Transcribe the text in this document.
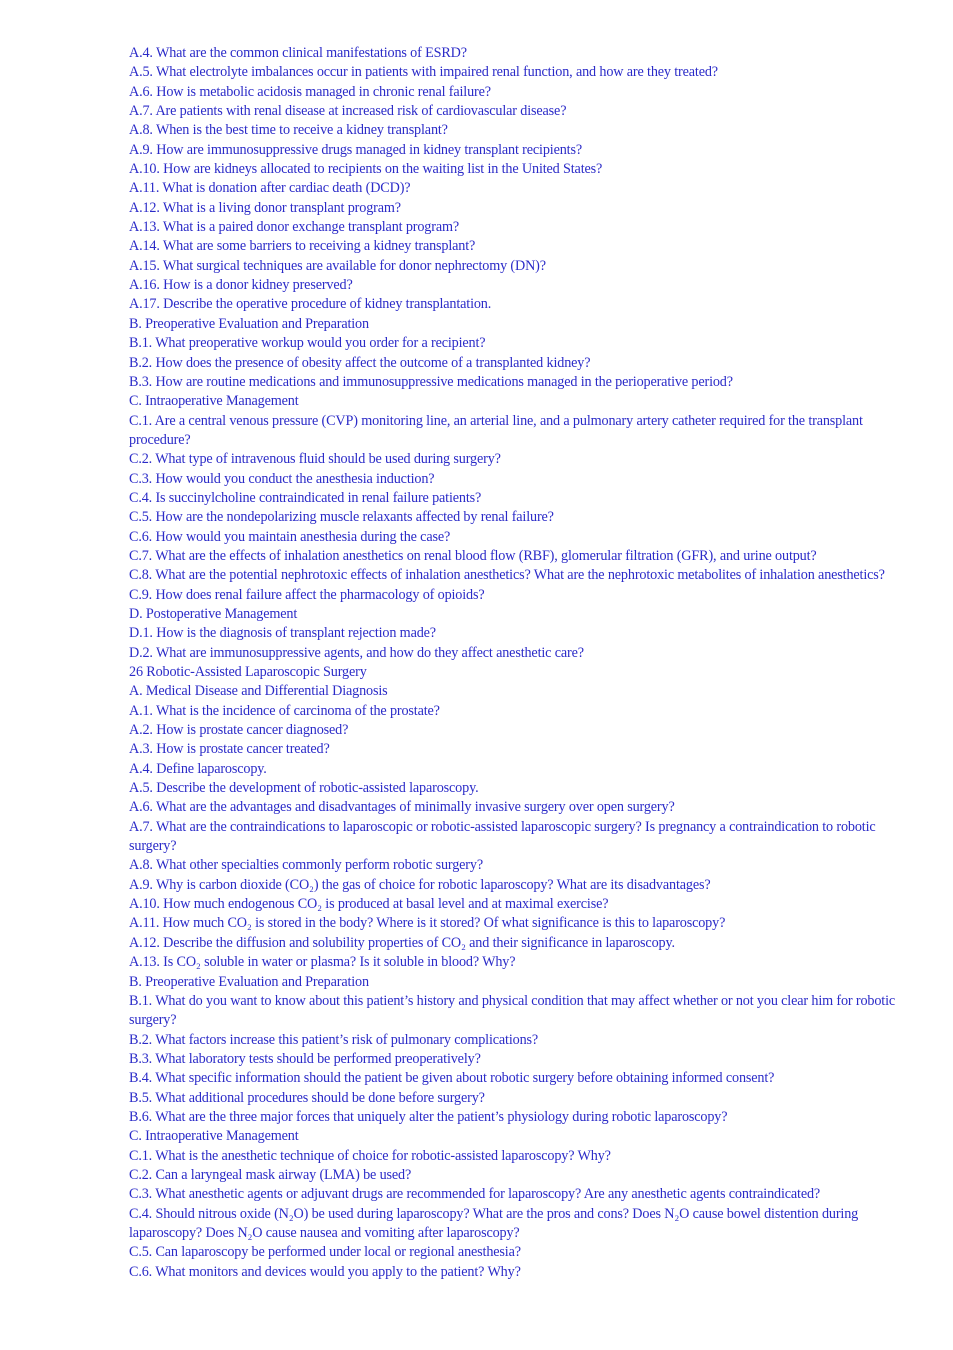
A.4. What are the common clinical manifestations of ESRD?

A.5. What electrolyte imbalances occur in patients with impaired renal function, and how are they treated?

A.6. How is metabolic acidosis managed in chronic renal failure?

A.7. Are patients with renal disease at increased risk of cardiovascular disease?

A.8. When is the best time to receive a kidney transplant?

A.9. How are immunosuppressive drugs managed in kidney transplant recipients?

A.10. How are kidneys allocated to recipients on the waiting list in the United States?

A.11. What is donation after cardiac death (DCD)?

A.12. What is a living donor transplant program?

A.13. What is a paired donor exchange transplant program?

A.14. What are some barriers to receiving a kidney transplant?

A.15. What surgical techniques are available for donor nephrectomy (DN)?

A.16. How is a donor kidney preserved?

A.17. Describe the operative procedure of kidney transplantation.

B. Preoperative Evaluation and Preparation

B.1. What preoperative workup would you order for a recipient?

B.2. How does the presence of obesity affect the outcome of a transplanted kidney?

B.3. How are routine medications and immunosuppressive medications managed in the perioperative period?

C. Intraoperative Management

C.1. Are a central venous pressure (CVP) monitoring line, an arterial line, and a pulmonary artery catheter required for the transplant procedure?

C.2. What type of intravenous fluid should be used during surgery?

C.3. How would you conduct the anesthesia induction?

C.4. Is succinylcholine contraindicated in renal failure patients?

C.5. How are the nondepolarizing muscle relaxants affected by renal failure?

C.6. How would you maintain anesthesia during the case?

C.7. What are the effects of inhalation anesthetics on renal blood flow (RBF), glomerular filtration (GFR), and urine output?

C.8. What are the potential nephrotoxic effects of inhalation anesthetics? What are the nephrotoxic metabolites of inhalation anesthetics?

C.9. How does renal failure affect the pharmacology of opioids?

D. Postoperative Management

D.1. How is the diagnosis of transplant rejection made?

D.2. What are immunosuppressive agents, and how do they affect anesthetic care?

26 Robotic-Assisted Laparoscopic Surgery

A. Medical Disease and Differential Diagnosis

A.1. What is the incidence of carcinoma of the prostate?

A.2. How is prostate cancer diagnosed?

A.3. How is prostate cancer treated?

A.4. Define laparoscopy.

A.5. Describe the development of robotic-assisted laparoscopy.

A.6. What are the advantages and disadvantages of minimally invasive surgery over open surgery?

A.7. What are the contraindications to laparoscopic or robotic-assisted laparoscopic surgery? Is pregnancy a contraindication to robotic surgery?

A.8. What other specialties commonly perform robotic surgery?

A.9. Why is carbon dioxide (CO₂) the gas of choice for robotic laparoscopy? What are its disadvantages?

A.10. How much endogenous CO₂ is produced at basal level and at maximal exercise?

A.11. How much CO₂ is stored in the body? Where is it stored? Of what significance is this to laparoscopy?

A.12. Describe the diffusion and solubility properties of CO₂ and their significance in laparoscopy.

A.13. Is CO₂ soluble in water or plasma? Is it soluble in blood? Why?

B. Preoperative Evaluation and Preparation

B.1. What do you want to know about this patient’s history and physical condition that may affect whether or not you clear him for robotic surgery?

B.2. What factors increase this patient’s risk of pulmonary complications?

B.3. What laboratory tests should be performed preoperatively?

B.4. What specific information should the patient be given about robotic surgery before obtaining informed consent?

B.5. What additional procedures should be done before surgery?

B.6. What are the three major forces that uniquely alter the patient’s physiology during robotic laparoscopy?

C. Intraoperative Management

C.1. What is the anesthetic technique of choice for robotic-assisted laparoscopy? Why?

C.2. Can a laryngeal mask airway (LMA) be used?

C.3. What anesthetic agents or adjuvant drugs are recommended for laparoscopy? Are any anesthetic agents contraindicated?

C.4. Should nitrous oxide (N₂O) be used during laparoscopy? What are the pros and cons? Does N₂O cause bowel distention during laparoscopy? Does N₂O cause nausea and vomiting after laparoscopy?

C.5. Can laparoscopy be performed under local or regional anesthesia?

C.6. What monitors and devices would you apply to the patient? Why?
